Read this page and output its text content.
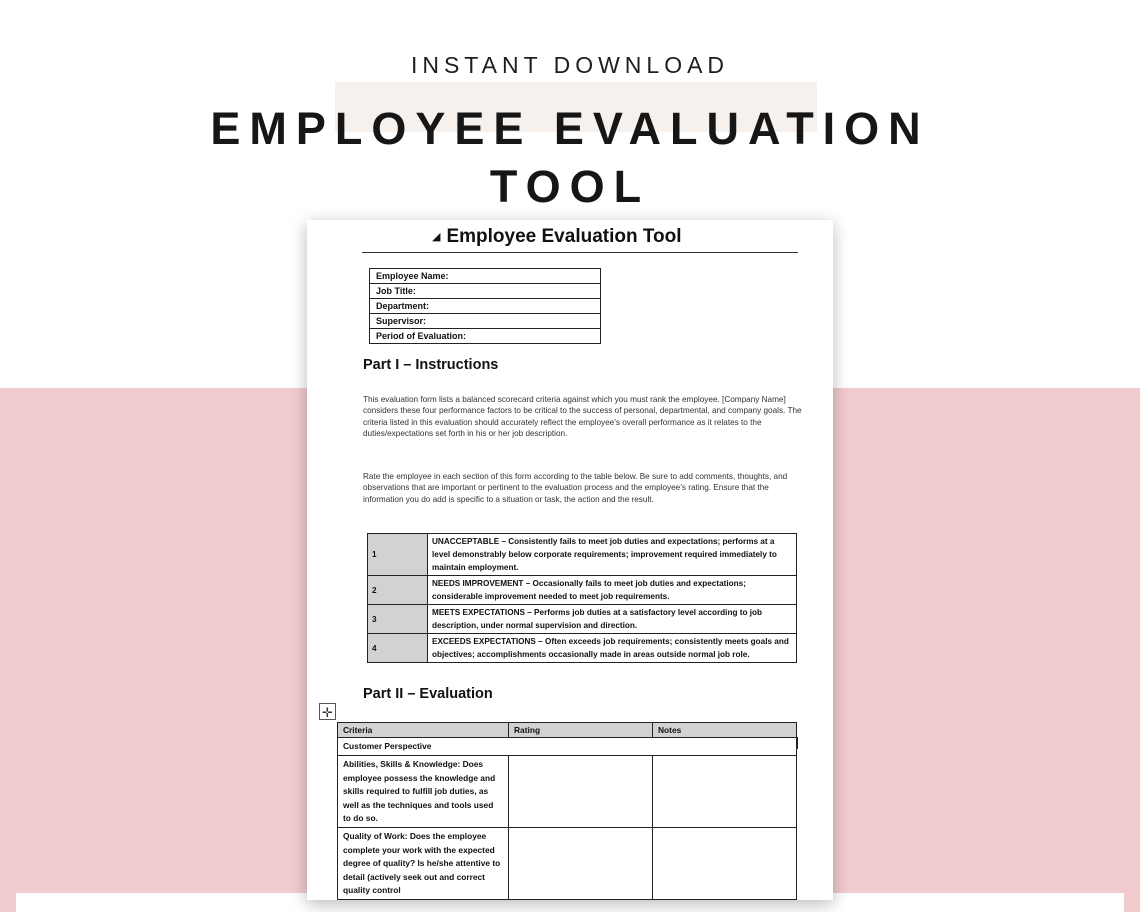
INSTANT DOWNLOAD
EMPLOYEE EVALUATION
TOOL
◢ Employee Evaluation Tool
Employee Name:
Job Title:
Department:
Supervisor:
Period of Evaluation:
Part I – Instructions

This evaluation form lists a balanced scorecard criteria against which you must rank the employee. [Company Name] considers these four performance factors to be critical to the success of personal, departmental, and company goals. The criteria listed in this evaluation should accurately reflect the employee’s overall performance as it relates to the duties/expectations set forth in his or her job description.

Rate the employee in each section of this form according to the table below. Be sure to add comments, thoughts, and observations that are important or pertinent to the evaluation process and the employee’s rating. Ensure that the information you do add is specific to a situation or task, the action and the result.

1	UNACCEPTABLE – Consistently fails to meet job duties and expectations; performs at a level demonstrably below corporate requirements; improvement required immediately to maintain employment.
2	NEEDS IMPROVEMENT – Occasionally fails to meet job duties and expectations; considerable improvement needed to meet job requirements.
3	MEETS EXPECTATIONS – Performs job duties at a satisfactory level according to job description, under normal supervision and direction.
4	EXCEEDS EXPECTATIONS – Often exceeds job requirements; consistently meets goals and objectives; accomplishments occasionally made in areas outside normal job role.
Part II – Evaluation
✛
Criteria	Rating	Notes
Customer Perspective		
Abilities, Skills & Knowledge: Does employee possess the knowledge and skills required to fulfill job duties, as well as the techniques and tools used to do so.		
Quality of Work: Does the employee complete your work with the expected degree of quality? Is he/she attentive to detail (actively seek out and correct quality control		
